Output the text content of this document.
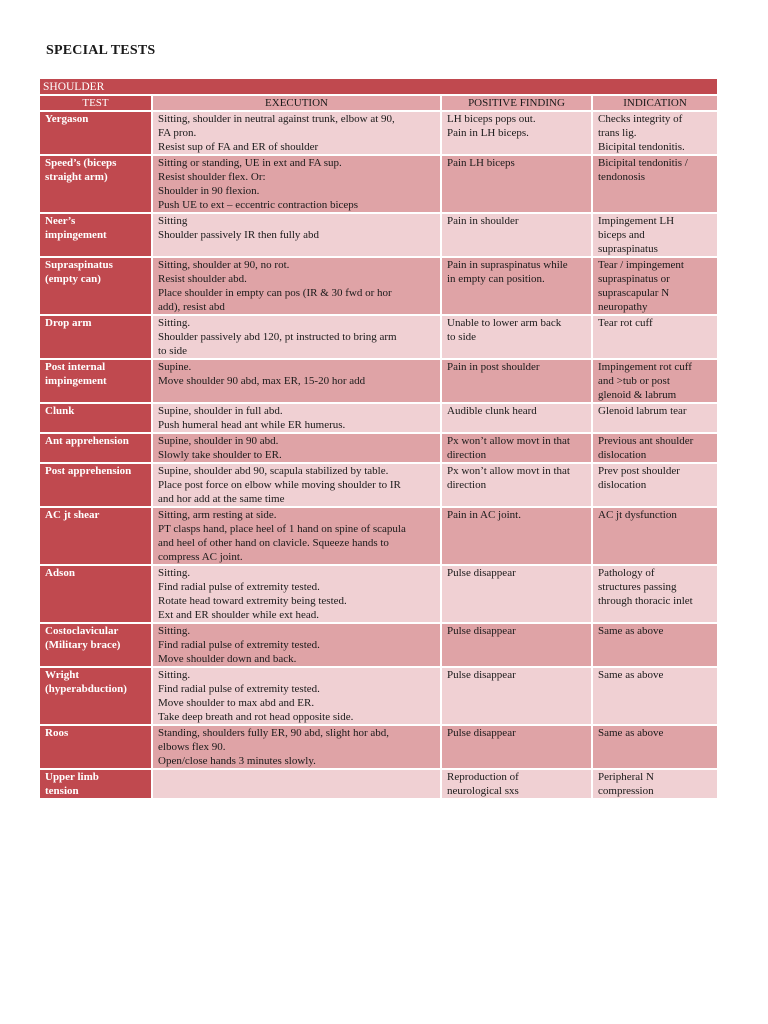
SPECIAL TESTS
SHOULDER			
TEST	EXECUTION	POSITIVE FINDING	INDICATION

Yergason	Sitting, shoulder in neutral against trunk, elbow at 90,
FA pron.
Resist sup of FA and ER of shoulder	LH biceps pops out.
Pain in LH biceps.	Checks integrity of
trans lig.
Bicipital tendonitis.

Speed’s (biceps
straight arm)	Sitting or standing, UE in ext and FA sup.
Resist shoulder flex. Or:
Shoulder in 90 flexion.
Push UE to ext – eccentric contraction biceps	Pain LH biceps	Bicipital tendonitis /
tendonosis

Neer’s
impingement	Sitting
Shoulder passively IR then fully abd	Pain in shoulder	Impingement LH
biceps and
supraspinatus

Supraspinatus
(empty can)	Sitting, shoulder at 90, no rot.
Resist shoulder abd.
Place shoulder in empty can pos (IR & 30 fwd or hor
add), resist abd	Pain in supraspinatus while
in empty can position.	Tear / impingement
supraspinatus or
suprascapular N
neuropathy

Drop arm	Sitting.
Shoulder passively abd 120, pt instructed to bring arm
to side	Unable to lower arm back
to side	Tear rot cuff

Post internal
impingement	Supine.
Move shoulder 90 abd, max ER, 15-20 hor add	Pain in post shoulder	Impingement rot cuff
and >tub or post
glenoid & labrum

Clunk	Supine, shoulder in full abd.
Push humeral head ant while ER humerus.	Audible clunk heard	Glenoid labrum tear

Ant apprehension	Supine, shoulder in 90 abd.
Slowly take shoulder to ER.	Px won’t allow movt in that
direction	Previous ant shoulder
dislocation

Post apprehension	Supine, shoulder abd 90, scapula stabilized by table.
Place post force on elbow while moving shoulder to IR
and hor add at the same time	Px won’t allow movt in that
direction	Prev post shoulder
dislocation

AC jt shear	Sitting, arm resting at side.
PT clasps hand, place heel of 1 hand on spine of scapula
and heel of other hand on clavicle. Squeeze hands to
compress AC joint.	Pain in AC joint.	AC jt dysfunction

Adson	Sitting.
Find radial pulse of extremity tested.
Rotate head toward extremity being tested.
Ext and ER shoulder while ext head.	Pulse disappear	Pathology of
structures passing
through thoracic inlet

Costoclavicular
(Military brace)	Sitting.
Find radial pulse of extremity tested.
Move shoulder down and back.	Pulse disappear	Same as above

Wright
(hyperabduction)	Sitting.
Find radial pulse of extremity tested.
Move shoulder to max abd and ER.
Take deep breath and rot head opposite side.	Pulse disappear	Same as above

Roos	Standing, shoulders fully ER, 90 abd, slight hor abd,
elbows flex 90.
Open/close hands 3 minutes slowly.	Pulse disappear	Same as above

Upper limb
tension		Reproduction of
neurological sxs	Peripheral N
compression
